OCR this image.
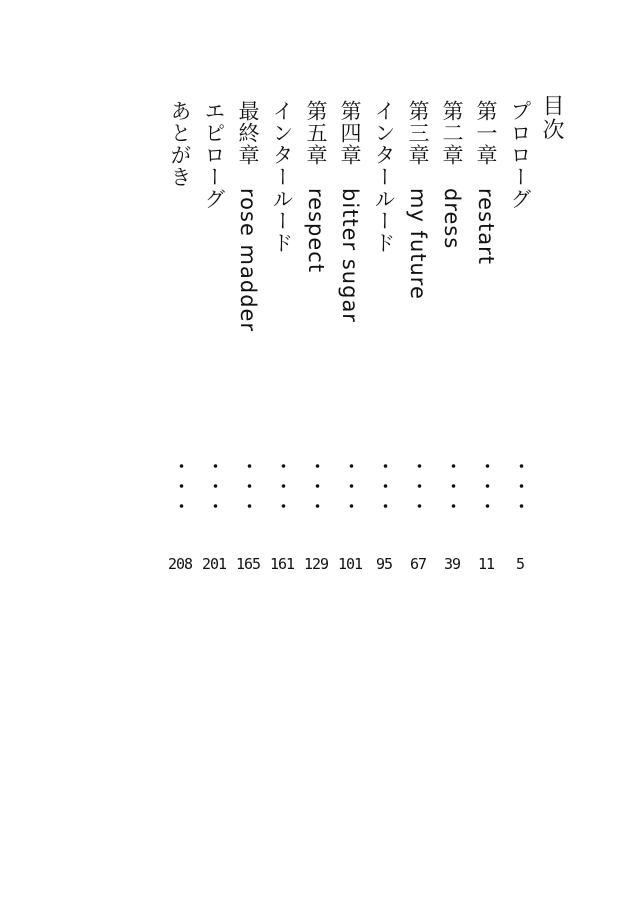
目次
プロローグ
・・・
5
第一章　restart
・・・
11
第二章　dress
・・・
39
第三章　my future
・・・
67
インタールード
・・・
95
第四章　bitter sugar
・・・
101
第五章　respect
・・・
129
インタールード
・・・
161
最終章　rose madder
・・・
165
エピローグ
・・・
201
あとがき
・・・
208
